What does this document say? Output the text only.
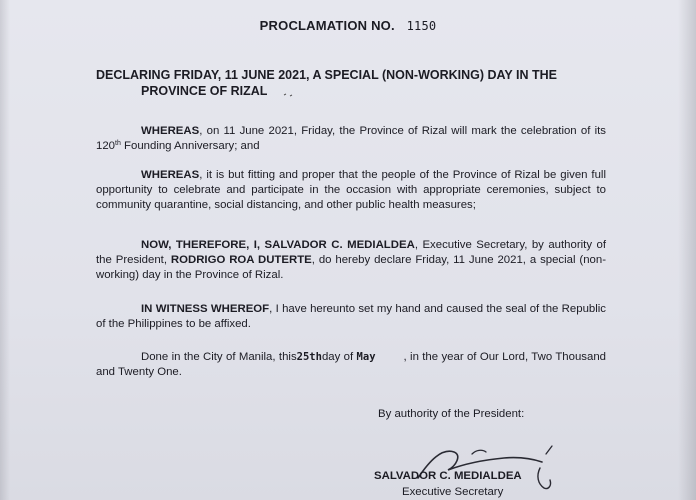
PROCLAMATION NO. 1150
DECLARING FRIDAY, 11 JUNE 2021, A SPECIAL (NON-WORKING) DAY IN THE
PROVINCE OF RIZAL
WHEREAS, on 11 June 2021, Friday, the Province of Rizal will mark the celebration of its 120th Founding Anniversary; and
WHEREAS, it is but fitting and proper that the people of the Province of Rizal be given full opportunity to celebrate and participate in the occasion with appropriate ceremonies, subject to community quarantine, social distancing, and other public health measures;
NOW, THEREFORE, I, SALVADOR C. MEDIALDEA, Executive Secretary, by authority of the President, RODRIGO ROA DUTERTE, do hereby declare Friday, 11 June 2021, a special (non-working) day in the Province of Rizal.
IN WITNESS WHEREOF, I have hereunto set my hand and caused the seal of the Republic of the Philippines to be affixed.
Done in the City of Manila, this25thday of May , in the year of Our Lord, Two Thousand and Twenty One.
By authority of the President:
SALVADOR C. MEDIALDEA
Executive Secretary
